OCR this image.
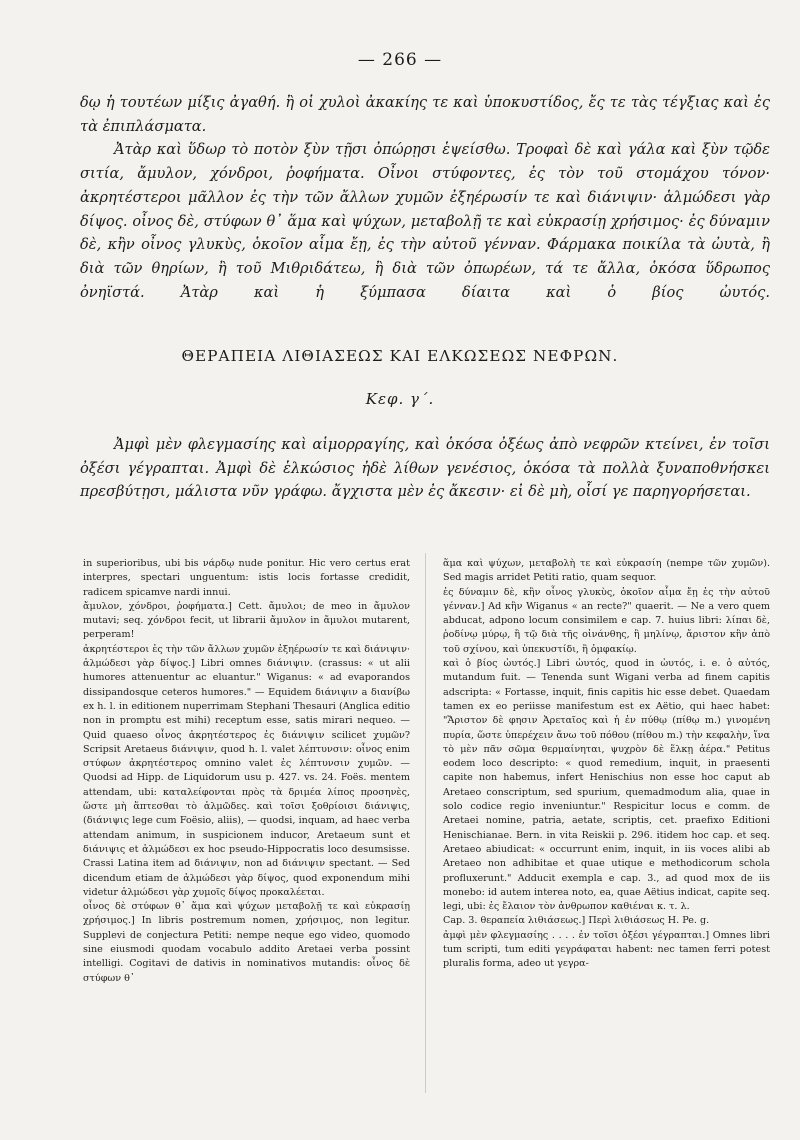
— 266 —

δῳ ἡ τουτέων μίξις ἀγαθή. ἢ οἱ χυλοὶ ἀκακίης τε καὶ ὑποκυστίδος, ἔς τε τὰς τέγξιας καὶ ἐς τὰ ἐπιπλάσματα.

Ἀτὰρ καὶ ὕδωρ τὸ ποτὸν ξὺν τῇσι ὀπώρῃσι ἑψείσθω. Τροφαὶ δὲ καὶ γάλα καὶ ξὺν τῷδε σιτία, ἄμυλον, χόνδροι, ῥοφήματα. Οἶνοι στύφοντες, ἐς τὸν τοῦ στομάχου τόνον· ἀκρητέστεροι μᾶλλον ἐς τὴν τῶν ἄλλων χυμῶν ἐξηέρωσίν τε καὶ διάνιψιν· ἁλμώδεσι γὰρ δίψος. οἶνος δὲ, στύφων θ᾽ ἅμα καὶ ψύχων, μεταβολῇ τε καὶ εὐκρασίῃ χρήσιμος· ἐς δύναμιν δὲ, κἢν οἶνος γλυκὺς, ὁκοῖον αἷμα ἔῃ, ἐς τὴν αὐτοῦ γένναν. Φάρμακα ποικίλα τὰ ὠυτὰ, ἢ διὰ τῶν θηρίων, ἢ τοῦ Μιθριδάτεω, ἢ διὰ τῶν ὀπωρέων, τά τε ἄλλα, ὁκόσα ὕδρωπος ὀνηϊστά. Ἀτὰρ καὶ ἡ ξύμπασα δίαιτα καὶ ὁ βίος ὠυτός.

ΘΕΡΑΠΕΙΑ ΛΙΘΙΑΣΕΩΣ ΚΑΙ ΕΛΚΩΣΕΩΣ ΝΕΦΡΩΝ.
Κεφ. γ΄.

Ἀμφὶ μὲν φλεγμασίης καὶ αἱμορραγίης, καὶ ὁκόσα ὀξέως ἀπὸ νεφρῶν κτείνει, ἐν τοῖσι ὀξέσι γέγραπται. Ἀμφὶ δὲ ἑλκώσιος ἠδὲ λίθων γενέσιος, ὁκόσα τὰ πολλὰ ξυναποθνήσκει πρεσβύτῃσι, μάλιστα νῦν γράφω. ἄγχιστα μὲν ἐς ἄκεσιν· εἰ δὲ μὴ, οἷσί γε παρηγορήσεται.

in superioribus, ubi bis νάρδῳ nude ponitur. Hic vero certus erat interpres, spectari unguentum: istis locis fortasse credidit, radicem spicamve nardi innui.

ἄμυλον, χόνδροι, ῥοφήματα.] Cett. ἄμυλοι; de meo in ἄμυλον mutavi; seq. χόνδροι fecit, ut librarii ἄμυλον in ἄμυλοι mutarent, perperam!

ἀκρητέστεροι ἐς τὴν τῶν ἄλλων χυμῶν ἐξηέρωσίν τε καὶ διάνιψιν· ἁλμώδεσι γὰρ δίψος.] Libri omnes διάνιψιν. (crassus: « ut alii humores attenuentur ac eluantur." Wiganus: « ad evaporandos dissipandosque ceteros humores." — Equidem διάνιψιν a διανίβω ex h. l. in editionem nuperrimam Stephani Thesauri (Anglica editio non in promptu est mihi) receptum esse, satis mirari nequeo. — Quid quaeso οἶνος ἀκρητέστερος ἐς διάνιψιν scilicet χυμῶν? Scripsit Aretaeus διάνιψιν, quod h. l. valet λέπτυνσιν: οἶνος enim στύφων ἀκρητέστερος omnino valet ἐς λέπτυνσιν χυμῶν. — Quodsi ad Hipp. de Liquidorum usu p. 427. vs. 24. Foës. mentem attendam, ubi: καταλείφονται πρὸς τὰ δριμέα λίπος προσηνὲς, ὥστε μὴ ἅπτεσθαι τὸ ἁλμῶδες. καὶ τοῖσι ξοθρίοισι διάνιψις, (διάνιψις lege cum Foësio, aliis), — quodsi, inquam, ad haec verba attendam animum, in suspicionem inducor, Aretaeum sunt et διάνιψις et ἁλμώδεσι ex hoc pseudo-Hippocratis loco desumsisse. Crassi Latina item ad διάνιψιν, non ad διάνιψιν spectant. — Sed dicendum etiam de ἁλμώδεσι γὰρ δίψος, quod exponendum mihi videtur ἁλμώδεσι γὰρ χυμοῖς δίψος προκαλέεται.

οἶνος δὲ στύφων θ᾽ ἅμα καὶ ψύχων μεταβολῇ τε καὶ εὐκρασίῃ χρήσιμος.] In libris postremum nomen, χρήσιμος, non legitur. Supplevi de conjectura Petiti: nempe neque ego video, quomodo sine eiusmodi quodam vocabulo addito Aretaei verba possint intelligi. Cogitavi de dativis in nominativos mutandis: οἶνος δὲ στύφων θ᾽

ἅμα καὶ ψύχων, μεταβολὴ τε καὶ εὐκρασίη (nempe τῶν χυμῶν). Sed magis arridet Petiti ratio, quam sequor.

ἐς δύναμιν δὲ, κἢν οἶνος γλυκὺς, ὁκοῖον αἷμα ἔῃ ἐς τὴν αὐτοῦ γένναν.] Ad κἢν Wiganus « an recte?" quaerit. — Ne a vero quem abducat, adpono locum consimilem e cap. 7. huius libri: λίπαι δὲ, ῥοδίνῳ μύρῳ, ἢ τῷ διὰ τῆς οἰνάνθης, ἢ μηλίνῳ, ἄριστον κἢν ἀπὸ τοῦ σχίνου, καὶ ὑπεκυστίδι, ἢ ὀμφακίῳ.

καὶ ὁ βίος ὠυτός.] Libri ὠυτός, quod in ὠυτός, i. e. ὁ αὐτός, mutandum fuit. — Tenenda sunt Wigani verba ad finem capitis adscripta: « Fortasse, inquit, finis capitis hic esse debet. Quaedam tamen ex eo periisse manifestum est ex Aëtio, qui haec habet: "Ἄριστον δὲ φησιν Ἀρεταῖος καὶ ἡ ἐν πύθῳ (πίθῳ m.) γινομένη πυρία, ὥστε ὑπερέχειν ἄνω τοῦ πόθου (πίθου m.) τὴν κεφαλὴν, ἵνα τὸ μὲν πᾶν σῶμα θερμαίνηται, ψυχρὸν δὲ ἕλκῃ ἀέρα." Petitus eodem loco descripto: « quod remedium, inquit, in praesenti capite non habemus, infert Henischius non esse hoc caput ab Aretaeo conscriptum, sed spurium, quemadmodum alia, quae in solo codice regio inveniuntur." Respicitur locus e comm. de Aretaei nomine, patria, aetate, scriptis, cet. praefixo Editioni Henischianae. Bern. in vita Reiskii p. 296. itidem hoc cap. et seq. Aretaeo abiudicat: « occurrunt enim, inquit, in iis voces alibi ab Aretaeo non adhibitae et quae utique e methodicorum schola profluxerunt." Adducit exempla e cap. 3., ad quod mox de iis monebo: id autem interea noto, ea, quae Aëtius indicat, capite seq. legi, ubi: ἐς ἔλαιον τὸν ἀνθρωπον καθιέναι κ. τ. λ.

Cap. 3. θεραπεία λιθιάσεως.] Περὶ λιθιάσεως H. Pe. g.

ἀμφὶ μὲν φλεγμασίης . . . . ἐν τοῖσι ὀξέσι γέγραπται.] Omnes libri tum scripti, tum editi γεγράφαται habent: nec tamen ferri potest pluralis forma, adeo ut γεγρα-
